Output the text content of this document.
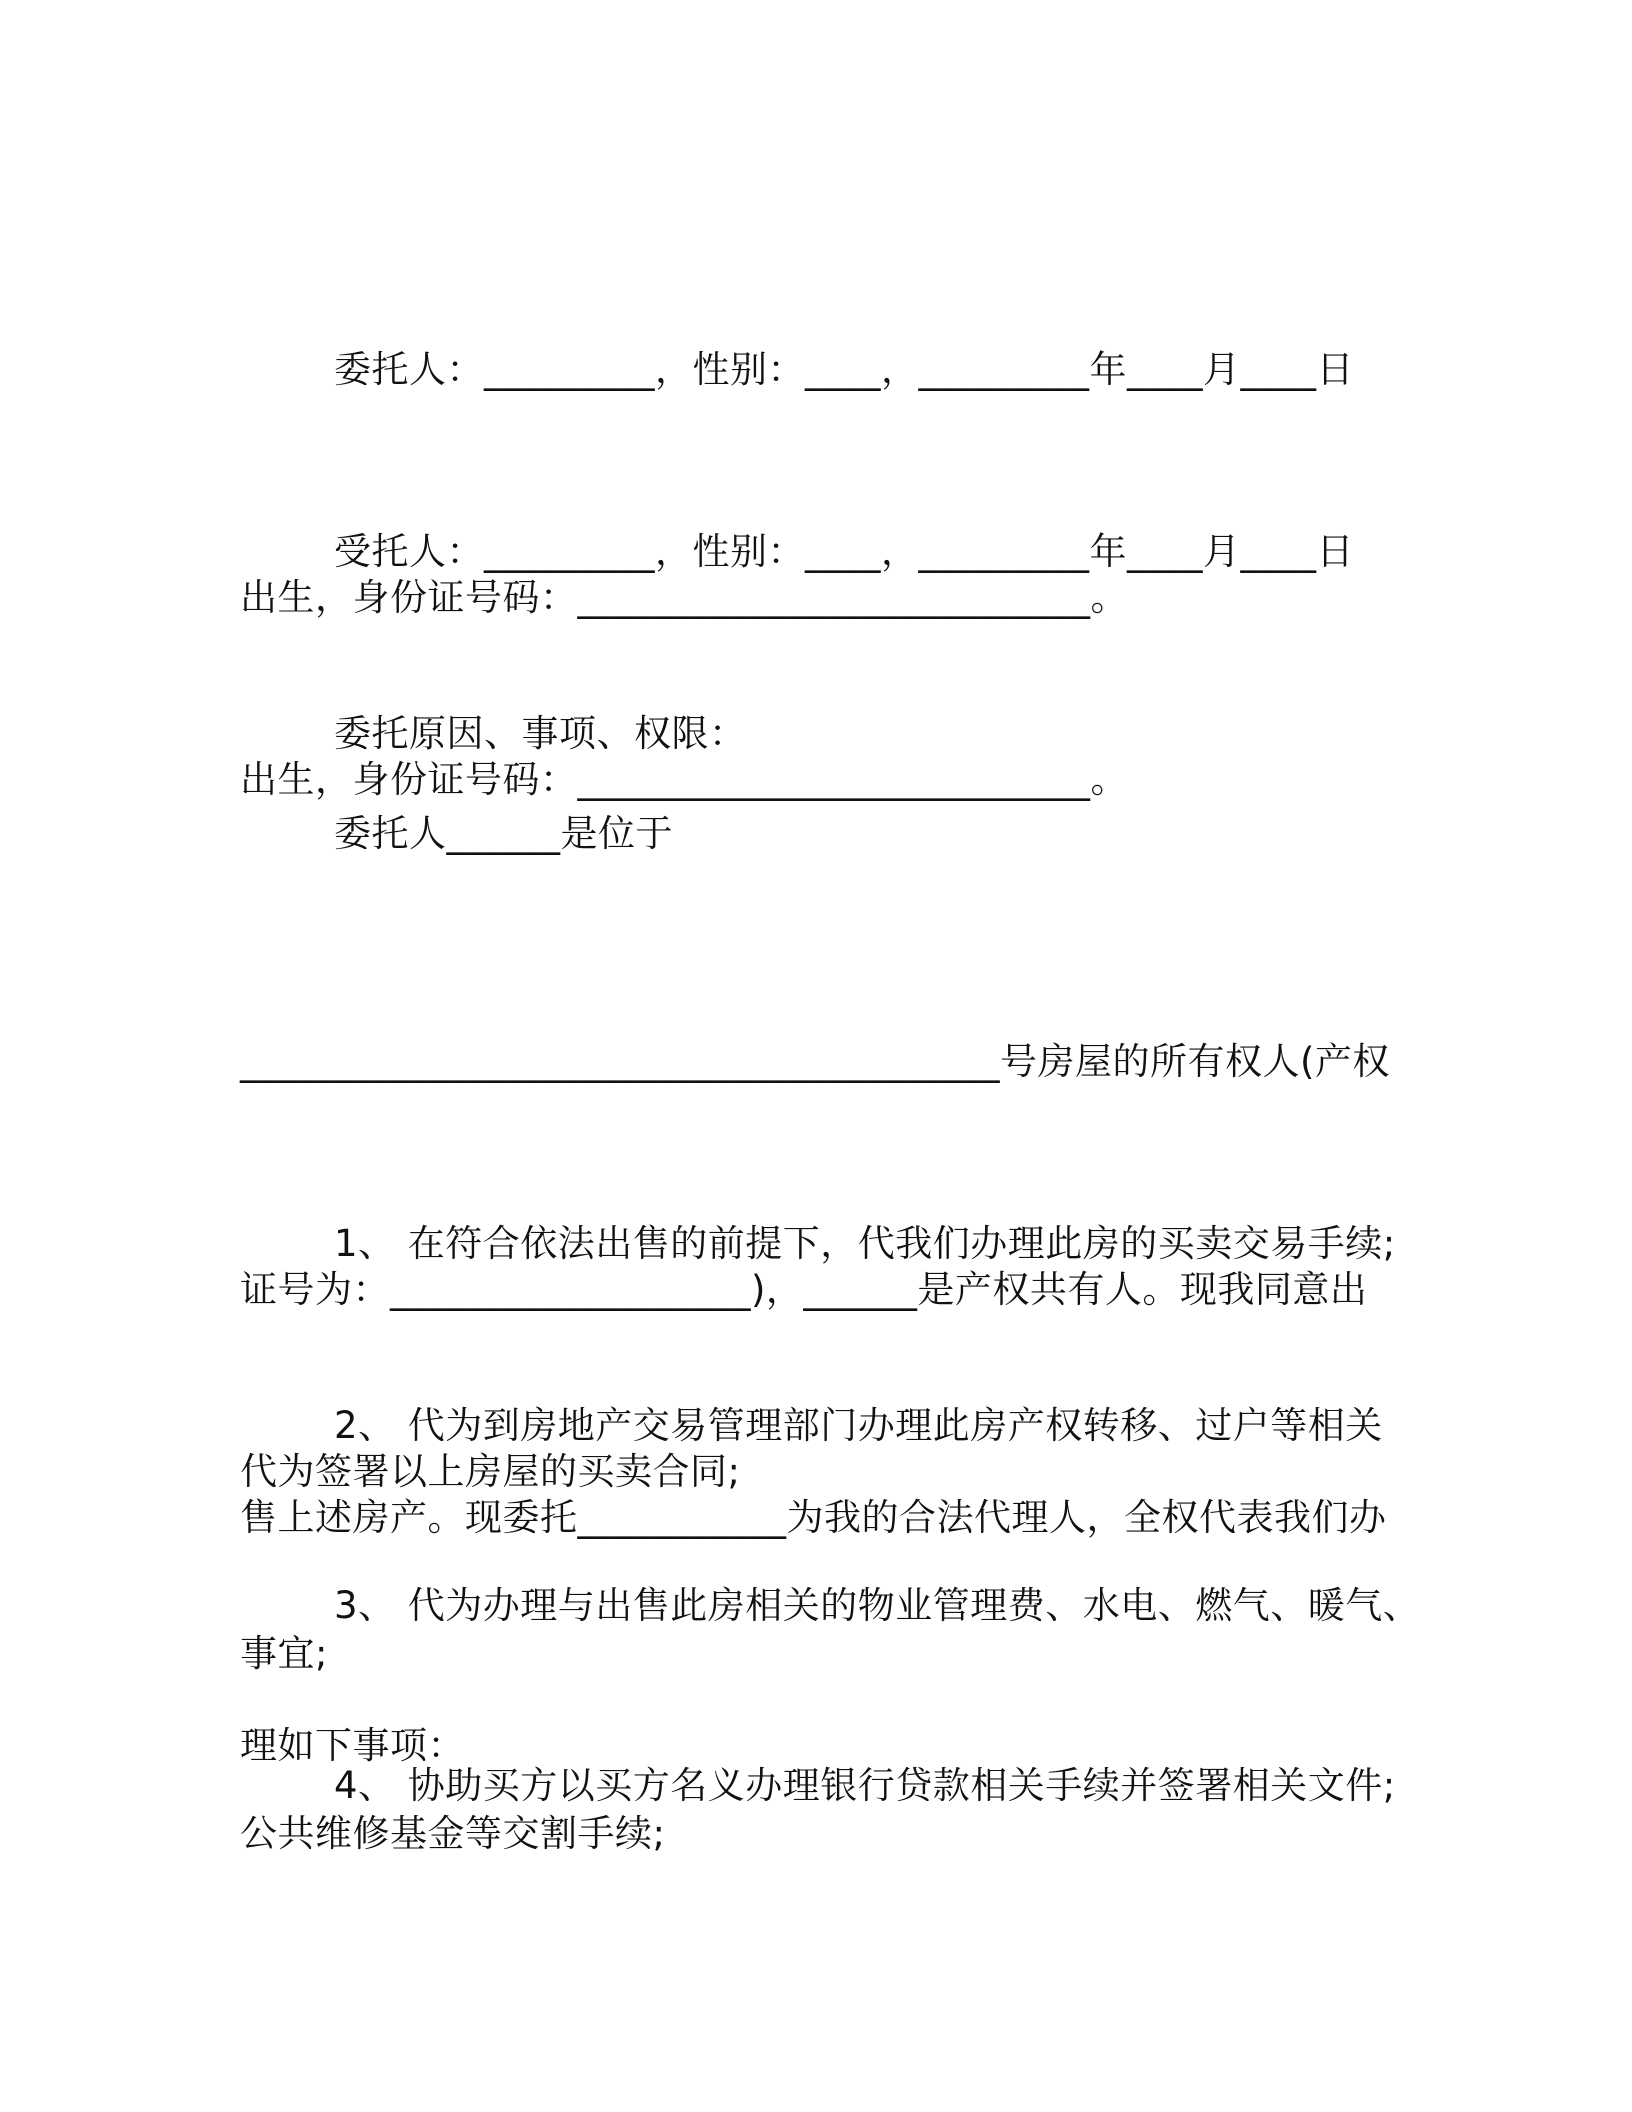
委托人：_________，性别：____，_________年____月____日

出生，身份证号码：___________________________。

受托人：_________，性别：____，_________年____月____日

出生，身份证号码：___________________________。

委托原因、事项、权限：

委托人______是位于

________________________________________号房屋的所有权人(产权

证号为：___________________)，______是产权共有人。现我同意出

售上述房产。现委托___________为我的合法代理人，全权代表我们办

理如下事项：

1、 在符合依法出售的前提下，代我们办理此房的买卖交易手续;

代为签署以上房屋的买卖合同;

2、 代为到房地产交易管理部门办理此房产权转移、过户等相关

事宜;

3、 代为办理与出售此房相关的物业管理费、水电、燃气、暖气、

公共维修基金等交割手续;

4、 协助买方以买方名义办理银行贷款相关手续并签署相关文件;
